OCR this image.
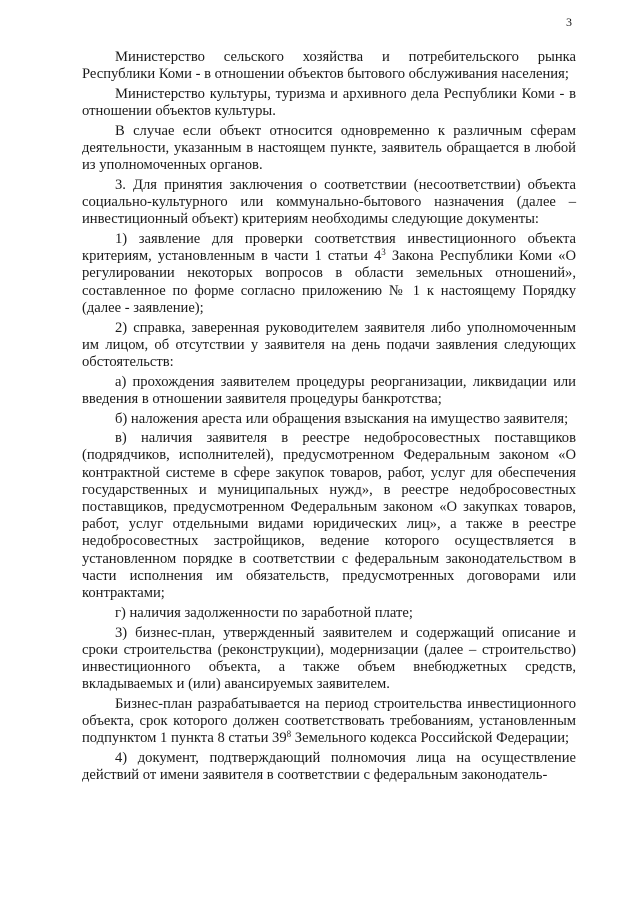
3

Министерство сельского хозяйства и потребительского рынка Республики Коми - в отношении объектов бытового обслуживания населения;

Министерство культуры, туризма и архивного дела Республики Коми - в отношении объектов культуры.

В случае если объект относится одновременно к различным сферам деятельности, указанным в настоящем пункте, заявитель обращается в любой из уполномоченных органов.

3. Для принятия заключения о соответствии (несоответствии) объекта социально-культурного или коммунально-бытового назначения (далее – инвестиционный объект) критериям необходимы следующие документы:

1) заявление для проверки соответствия инвестиционного объекта критериям, установленным в части 1 статьи $4^3$ Закона Республики Коми «О регулировании некоторых вопросов в области земельных отношений», составленное по форме согласно приложению № 1 к настоящему Порядку (далее - заявление);

2) справка, заверенная руководителем заявителя либо уполномоченным им лицом, об отсутствии у заявителя на день подачи заявления следующих обстоятельств:

а) прохождения заявителем процедуры реорганизации, ликвидации или введения в отношении заявителя процедуры банкротства;

б) наложения ареста или обращения взыскания на имущество заявителя;

в) наличия заявителя в реестре недобросовестных поставщиков (подрядчиков, исполнителей), предусмотренном Федеральным законом «О контрактной системе в сфере закупок товаров, работ, услуг для обеспечения государственных и муниципальных нужд», в реестре недобросовестных поставщиков, предусмотренном Федеральным законом «О закупках товаров, работ, услуг отдельными видами юридических лиц», а также в реестре недобросовестных застройщиков, ведение которого осуществляется в установленном порядке в соответствии с федеральным законодательством в части исполнения им обязательств, предусмотренных договорами или контрактами;

г) наличия задолженности по заработной плате;

3) бизнес-план, утвержденный заявителем и содержащий описание и сроки строительства (реконструкции), модернизации (далее – строительство) инвестиционного объекта, а также объем внебюджетных средств, вкладываемых и (или) авансируемых заявителем.

Бизнес-план разрабатывается на период строительства инвестиционного объекта, срок которого должен соответствовать требованиям, установленным подпунктом 1 пункта 8 статьи $39^8$ Земельного кодекса Российской Федерации;

4) документ, подтверждающий полномочия лица на осуществление действий от имени заявителя в соответствии с федеральным законодатель-
